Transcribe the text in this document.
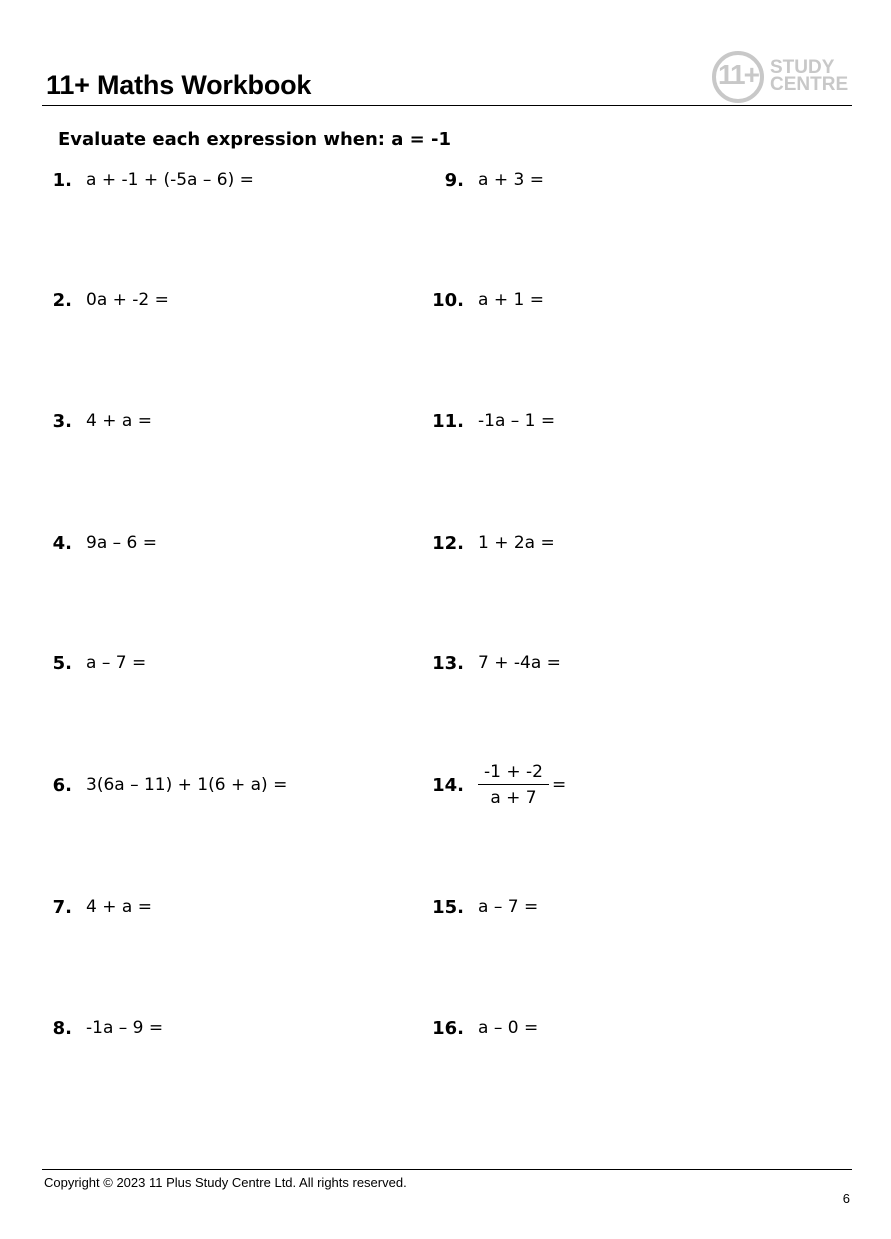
11+ Maths Workbook	11+ STUDY
CENTRE
Evaluate each expression when: a = -1
1. a + -1 + (-5a – 6) =
2. 0a + -2 =
3. 4 + a =
4. 9a – 6 =
5. a – 7 =
6. 3(6a – 11) + 1(6 + a) =
7. 4 + a =
8. -1a – 9 =
9. a + 3 =
10. a + 1 =
11. -1a – 1 =
12. 1 + 2a =
13. 7 + -4a =
14. $\frac{-1 + -2}{a + 7}$ =
15. a – 7 =
16. a – 0 =
Copyright © 2023 11 Plus Study Centre Ltd. All rights reserved.
6
